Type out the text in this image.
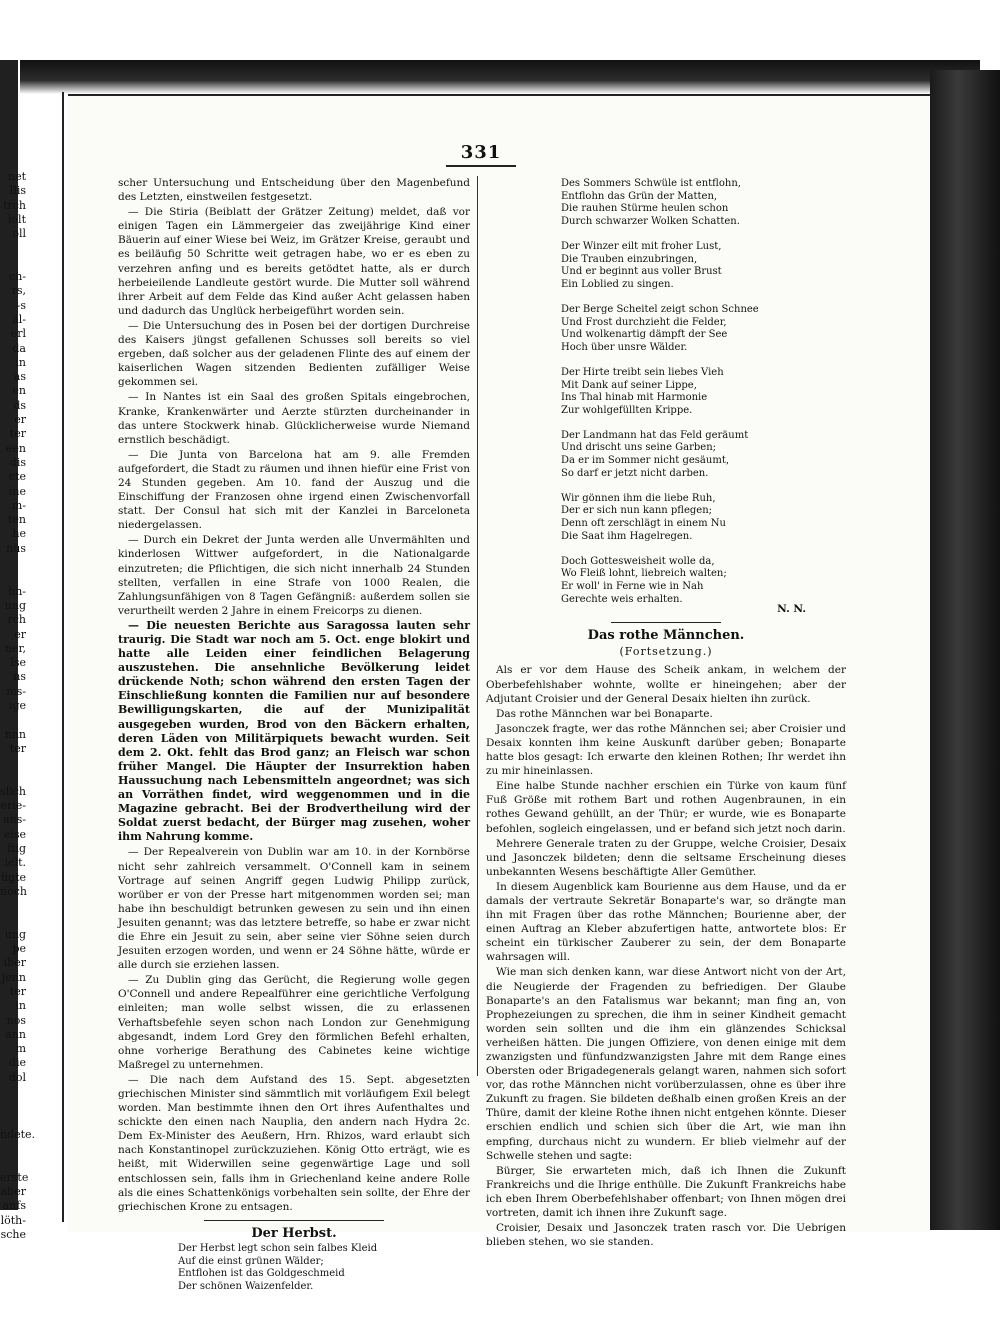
net
llis
trch
lolt
oll

ch-
rs,
-s
äl-
erl
da
in
as
en
ds
er
ter
een
dis
cte
ine
m-
ten
he
nüs

hn-
ung
rch
er
ner,
lse
ns
ms-
ige

nnn
ter

slich
erie-
ans-
eise
ftig
ielt.
ügte
noch

ung
pe
iber
jenn
ter
in
nos
ann
m
die
dol

ndete.

erste
aber
anfs
löth-
sche
331

scher Untersuchung und Entscheidung über den Magenbefund des Letzten, einstweilen festgesetzt.

— Die Stiria (Beiblatt der Grätzer Zeitung) meldet, daß vor einigen Tagen ein Lämmergeier das zweijährige Kind einer Bäuerin auf einer Wiese bei Weiz, im Grätzer Kreise, geraubt und es beiläufig 50 Schritte weit getragen habe, wo er es eben zu verzehren anfing und es bereits getödtet hatte, als er durch herbeieilende Landleute gestört wurde. Die Mutter soll während ihrer Arbeit auf dem Felde das Kind außer Acht gelassen haben und dadurch das Unglück herbeigeführt worden sein.

— Die Untersuchung des in Posen bei der dortigen Durchreise des Kaisers jüngst gefallenen Schusses soll bereits so viel ergeben, daß solcher aus der geladenen Flinte des auf einem der kaiserlichen Wagen sitzenden Bedienten zufälliger Weise gekommen sei.

— In Nantes ist ein Saal des großen Spitals eingebrochen, Kranke, Krankenwärter und Aerzte stürzten durcheinander in das untere Stockwerk hinab. Glücklicherweise wurde Niemand ernstlich beschädigt.

— Die Junta von Barcelona hat am 9. alle Fremden aufgefordert, die Stadt zu räumen und ihnen hiefür eine Frist von 24 Stunden gegeben. Am 10. fand der Auszug und die Einschiffung der Franzosen ohne irgend einen Zwischenvorfall statt. Der Consul hat sich mit der Kanzlei in Barceloneta niedergelassen.

— Durch ein Dekret der Junta werden alle Unvermählten und kinderlosen Wittwer aufgefordert, in die Nationalgarde einzutreten; die Pflichtigen, die sich nicht innerhalb 24 Stunden stellten, verfallen in eine Strafe von 1000 Realen, die Zahlungsunfähigen von 8 Tagen Gefängniß: außerdem sollen sie verurtheilt werden 2 Jahre in einem Freicorps zu dienen.

— Die neuesten Berichte aus Saragossa lauten sehr traurig. Die Stadt war noch am 5. Oct. enge blokirt und hatte alle Leiden einer feindlichen Belagerung auszustehen. Die ansehnliche Bevölkerung leidet drückende Noth; schon während den ersten Tagen der Einschließung konnten die Familien nur auf besondere Bewilligungskarten, die auf der Munizipalität ausgegeben wurden, Brod von den Bäckern erhalten, deren Läden von Militärpiquets bewacht wurden. Seit dem 2. Okt. fehlt das Brod ganz; an Fleisch war schon früher Mangel. Die Häupter der Insurrektion haben Haussuchung nach Lebensmitteln angeordnet; was sich an Vorräthen findet, wird weggenommen und in die Magazine gebracht. Bei der Brodvertheilung wird der Soldat zuerst bedacht, der Bürger mag zusehen, woher ihm Nahrung komme.

— Der Repealverein von Dublin war am 10. in der Kornbörse nicht sehr zahlreich versammelt. O'Connell kam in seinem Vortrage auf seinen Angriff gegen Ludwig Philipp zurück, worüber er von der Presse hart mitgenommen worden sei; man habe ihn beschuldigt betrunken gewesen zu sein und ihn einen Jesuiten genannt; was das letztere betreffe, so habe er zwar nicht die Ehre ein Jesuit zu sein, aber seine vier Söhne seien durch Jesuiten erzogen worden, und wenn er 24 Söhne hätte, würde er alle durch sie erziehen lassen.

— Zu Dublin ging das Gerücht, die Regierung wolle gegen O'Connell und andere Repealführer eine gerichtliche Verfolgung einleiten; man wolle selbst wissen, die zu erlassenen Verhaftsbefehle seyen schon nach London zur Genehmigung abgesandt, indem Lord Grey den förmlichen Befehl erhalten, ohne vorherige Berathung des Cabinetes keine wichtige Maßregel zu unternehmen.

— Die nach dem Aufstand des 15. Sept. abgesetzten griechischen Minister sind sämmtlich mit vorläufigem Exil belegt worden. Man bestimmte ihnen den Ort ihres Aufenthaltes und schickte den einen nach Nauplia, den andern nach Hydra 2c. Dem Ex-Minister des Aeußern, Hrn. Rhizos, ward erlaubt sich nach Konstantinopel zurückzuziehen. König Otto erträgt, wie es heißt, mit Widerwillen seine gegenwärtige Lage und soll entschlossen sein, falls ihm in Griechenland keine andere Rolle als die eines Schattenkönigs vorbehalten sein sollte, der Ehre der griechischen Krone zu entsagen.

Der Herbst.
Der Herbst legt schon sein falbes Kleid
Auf die einst grünen Wälder;
Entflohen ist das Goldgeschmeid
Der schönen Waizenfelder.
Des Sommers Schwüle ist entflohn,
Entflohn das Grün der Matten,
Die rauhen Stürme heulen schon
Durch schwarzer Wolken Schatten.

Der Winzer eilt mit froher Lust,
Die Trauben einzubringen,
Und er beginnt aus voller Brust
Ein Loblied zu singen.

Der Berge Scheitel zeigt schon Schnee
Und Frost durchzieht die Felder,
Und wolkenartig dämpft der See
Hoch über unsre Wälder.

Der Hirte treibt sein liebes Vieh
Mit Dank auf seiner Lippe,
Ins Thal hinab mit Harmonie
Zur wohlgefüllten Krippe.

Der Landmann hat das Feld geräumt
Und drischt uns seine Garben;
Da er im Sommer nicht gesäumt,
So darf er jetzt nicht darben.

Wir gönnen ihm die liebe Ruh,
Der er sich nun kann pflegen;
Denn oft zerschlägt in einem Nu
Die Saat ihm Hagelregen.

Doch Gottesweisheit wolle da,
Wo Fleiß lohnt, liebreich walten;
Er woll' in Ferne wie in Nah
Gerechte weis erhalten.
N. N.
Das rothe Männchen.
(Fortsetzung.)

Als er vor dem Hause des Scheik ankam, in welchem der Oberbefehlshaber wohnte, wollte er hineingehen; aber der Adjutant Croisier und der General Desaix hielten ihn zurück.

Das rothe Männchen war bei Bonaparte.

Jasonczek fragte, wer das rothe Männchen sei; aber Croisier und Desaix konnten ihm keine Auskunft darüber geben; Bonaparte hatte blos gesagt: Ich erwarte den kleinen Rothen; Ihr werdet ihn zu mir hineinlassen.

Eine halbe Stunde nachher erschien ein Türke von kaum fünf Fuß Größe mit rothem Bart und rothen Augenbraunen, in ein rothes Gewand gehüllt, an der Thür; er wurde, wie es Bonaparte befohlen, sogleich eingelassen, und er befand sich jetzt noch darin.

Mehrere Generale traten zu der Gruppe, welche Croisier, Desaix und Jasonczek bildeten; denn die seltsame Erscheinung dieses unbekannten Wesens beschäftigte Aller Gemüther.

In diesem Augenblick kam Bourienne aus dem Hause, und da er damals der vertraute Sekretär Bonaparte's war, so drängte man ihn mit Fragen über das rothe Männchen; Bourienne aber, der einen Auftrag an Kleber abzufertigen hatte, antwortete blos: Er scheint ein türkischer Zauberer zu sein, der dem Bonaparte wahrsagen will.

Wie man sich denken kann, war diese Antwort nicht von der Art, die Neugierde der Fragenden zu befriedigen. Der Glaube Bonaparte's an den Fatalismus war bekannt; man fing an, von Prophezeiungen zu sprechen, die ihm in seiner Kindheit gemacht worden sein sollten und die ihm ein glänzendes Schicksal verheißen hätten. Die jungen Offiziere, von denen einige mit dem zwanzigsten und fünfundzwanzigsten Jahre mit dem Range eines Obersten oder Brigadegenerals gelangt waren, nahmen sich sofort vor, das rothe Männchen nicht vorüberzulassen, ohne es über ihre Zukunft zu fragen. Sie bildeten deßhalb einen großen Kreis an der Thüre, damit der kleine Rothe ihnen nicht entgehen könnte. Dieser erschien endlich und schien sich über die Art, wie man ihn empfing, durchaus nicht zu wundern. Er blieb vielmehr auf der Schwelle stehen und sagte:

Bürger, Sie erwarteten mich, daß ich Ihnen die Zukunft Frankreichs und die Ihrige enthülle. Die Zukunft Frankreichs habe ich eben Ihrem Oberbefehlshaber offenbart; von Ihnen mögen drei vortreten, damit ich ihnen ihre Zukunft sage.

Croisier, Desaix und Jasonczek traten rasch vor. Die Uebrigen blieben stehen, wo sie standen.
